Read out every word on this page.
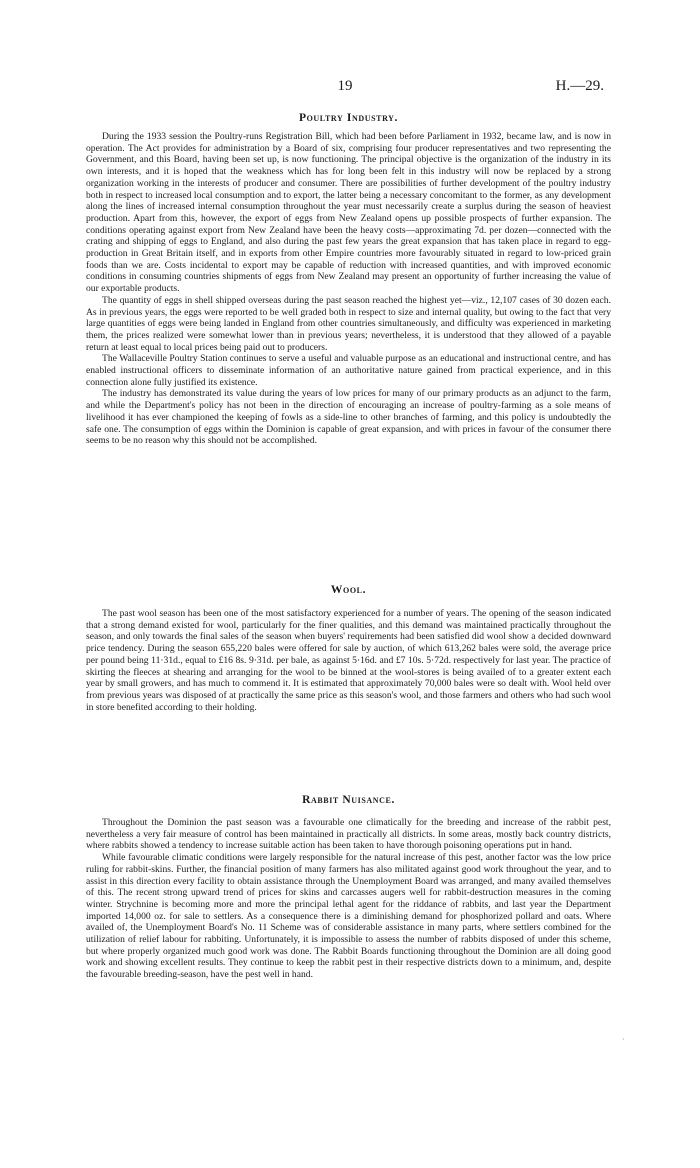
19	H.—29.
Poultry Industry.

During the 1933 session the Poultry-runs Registration Bill, which had been before Parliament in 1932, became law, and is now in operation. The Act provides for administration by a Board of six, comprising four producer representatives and two representing the Government, and this Board, having been set up, is now functioning. The principal objective is the organization of the industry in its own interests, and it is hoped that the weakness which has for long been felt in this industry will now be replaced by a strong organization working in the interests of producer and consumer. There are possibilities of further development of the poultry industry both in respect to increased local consumption and to export, the latter being a necessary concomitant to the former, as any development along the lines of increased internal consumption throughout the year must necessarily create a surplus during the season of heaviest production. Apart from this, however, the export of eggs from New Zealand opens up possible prospects of further expansion. The conditions operating against export from New Zealand have been the heavy costs—approximating 7d. per dozen—connected with the crating and shipping of eggs to England, and also during the past few years the great expansion that has taken place in regard to egg-production in Great Britain itself, and in exports from other Empire countries more favourably situated in regard to low-priced grain foods than we are. Costs incidental to export may be capable of reduction with increased quantities, and with improved economic conditions in consuming countries shipments of eggs from New Zealand may present an opportunity of further increasing the value of our exportable products.

The quantity of eggs in shell shipped overseas during the past season reached the highest yet—viz., 12,107 cases of 30 dozen each. As in previous years, the eggs were reported to be well graded both in respect to size and internal quality, but owing to the fact that very large quantities of eggs were being landed in England from other countries simultaneously, and difficulty was experienced in marketing them, the prices realized were somewhat lower than in previous years; nevertheless, it is understood that they allowed of a payable return at least equal to local prices being paid out to producers.

The Wallaceville Poultry Station continues to serve a useful and valuable purpose as an educational and instructional centre, and has enabled instructional officers to disseminate information of an authoritative nature gained from practical experience, and in this connection alone fully justified its existence.

The industry has demonstrated its value during the years of low prices for many of our primary products as an adjunct to the farm, and while the Department's policy has not been in the direction of encouraging an increase of poultry-farming as a sole means of livelihood it has ever championed the keeping of fowls as a side-line to other branches of farming, and this policy is undoubtedly the safe one. The consumption of eggs within the Dominion is capable of great expansion, and with prices in favour of the consumer there seems to be no reason why this should not be accomplished.

Wool.

The past wool season has been one of the most satisfactory experienced for a number of years. The opening of the season indicated that a strong demand existed for wool, particularly for the finer qualities, and this demand was maintained practically throughout the season, and only towards the final sales of the season when buyers' requirements had been satisfied did wool show a decided downward price tendency. During the season 655,220 bales were offered for sale by auction, of which 613,262 bales were sold, the average price per pound being 11·31d., equal to £16 8s. 9·31d. per bale, as against 5·16d. and £7 10s. 5·72d. respectively for last year. The practice of skirting the fleeces at shearing and arranging for the wool to be binned at the wool-stores is being availed of to a greater extent each year by small growers, and has much to commend it. It is estimated that approximately 70,000 bales were so dealt with. Wool held over from previous years was disposed of at practically the same price as this season's wool, and those farmers and others who had such wool in store benefited according to their holding.

Rabbit Nuisance.

Throughout the Dominion the past season was a favourable one climatically for the breeding and increase of the rabbit pest, nevertheless a very fair measure of control has been maintained in practically all districts. In some areas, mostly back country districts, where rabbits showed a tendency to increase suitable action has been taken to have thorough poisoning operations put in hand.

While favourable climatic conditions were largely responsible for the natural increase of this pest, another factor was the low price ruling for rabbit-skins. Further, the financial position of many farmers has also militated against good work throughout the year, and to assist in this direction every facility to obtain assistance through the Unemployment Board was arranged, and many availed themselves of this. The recent strong upward trend of prices for skins and carcasses augers well for rabbit-destruction measures in the coming winter. Strychnine is becoming more and more the principal lethal agent for the riddance of rabbits, and last year the Department imported 14,000 oz. for sale to settlers. As a consequence there is a diminishing demand for phosphorized pollard and oats. Where availed of, the Unemployment Board's No. 11 Scheme was of considerable assistance in many parts, where settlers combined for the utilization of relief labour for rabbiting. Unfortunately, it is impossible to assess the number of rabbits disposed of under this scheme, but where properly organized much good work was done. The Rabbit Boards functioning throughout the Dominion are all doing good work and showing excellent results. They continue to keep the rabbit pest in their respective districts down to a minimum, and, despite the favourable breeding-season, have the pest well in hand.

·
